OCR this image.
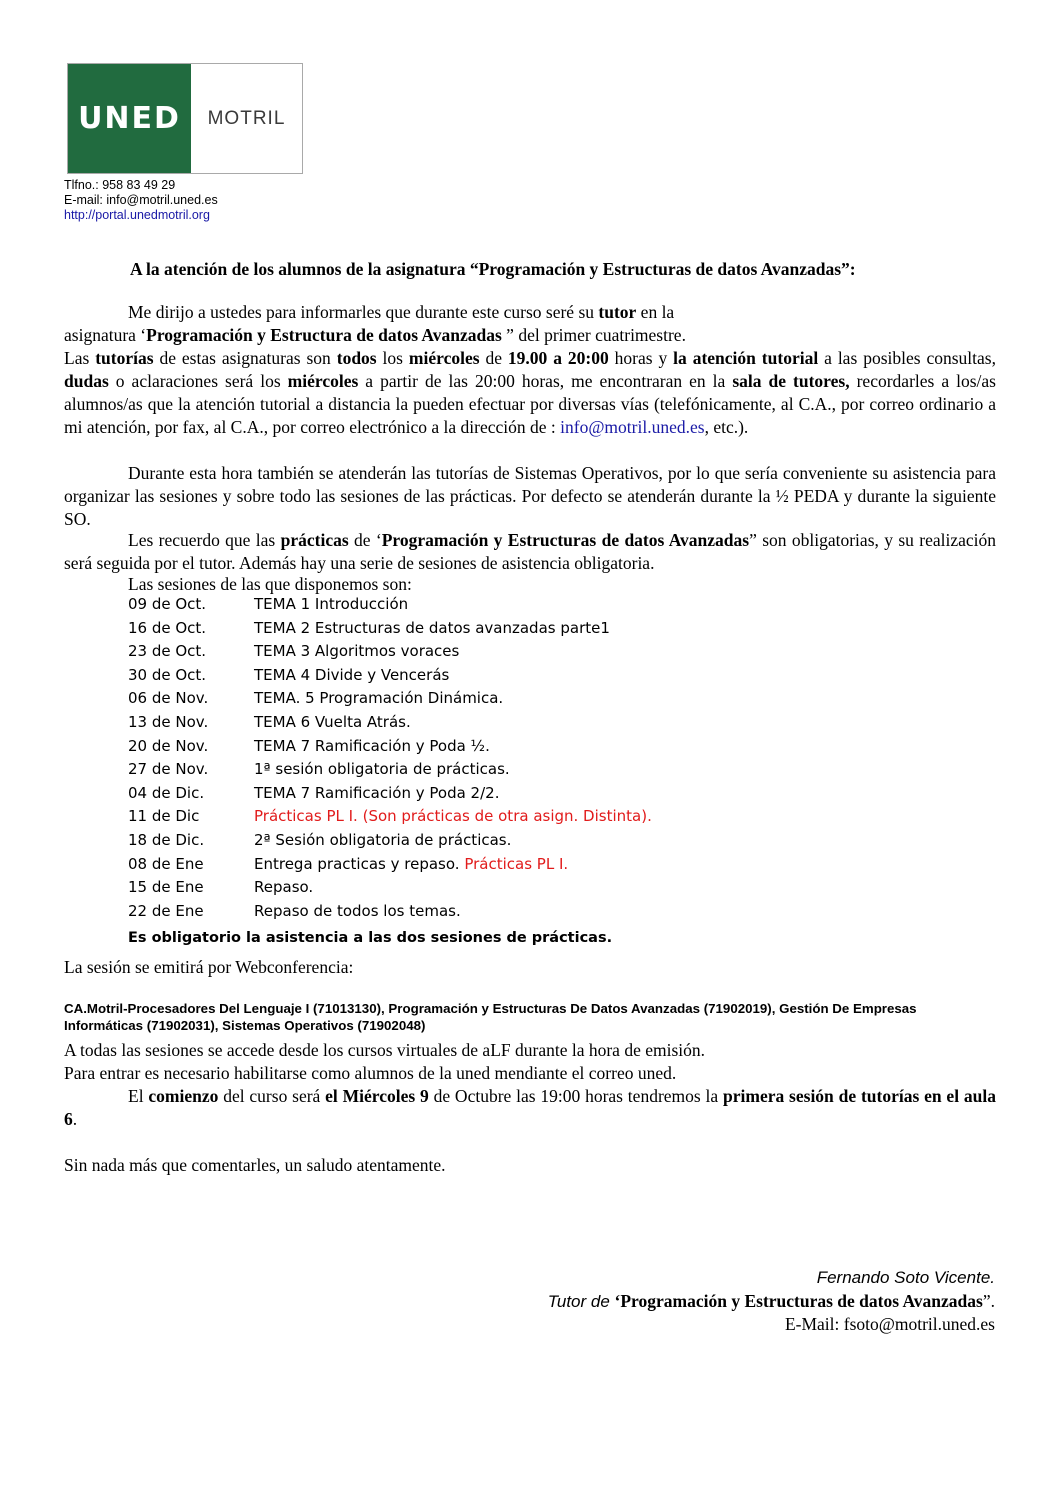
UNED MOTRIL
Tlfno.: 958 83 49 29
E-mail: info@motril.uned.es
http://portal.unedmotril.org
A la atención de los alumnos de la asignatura “Programación y Estructuras de datos Avanzadas”:
Me dirijo a ustedes para informarles que durante este curso seré su tutor en la
asignatura ‘Programación y Estructura de datos Avanzadas ” del primer cuatrimestre.
Las tutorías de estas asignaturas son todos los miércoles de 19.00 a 20:00 horas y la atención tutorial a las posibles consultas, dudas o aclaraciones será los miércoles a partir de las 20:00 horas, me encontraran en la sala de tutores, recordarles a los/as alumnos/as que la atención tutorial a distancia la pueden efectuar por diversas vías (telefónicamente, al C.A., por correo ordinario a mi atención, por fax, al C.A., por correo electrónico a la dirección de : info@motril.uned.es, etc.).
Durante esta hora también se atenderán las tutorías de Sistemas Operativos, por lo que sería conveniente su asistencia para organizar las sesiones y sobre todo las sesiones de las prácticas. Por defecto se atenderán durante la ½ PEDA y durante la siguiente SO.
Les recuerdo que las prácticas de ‘Programación y Estructuras de datos Avanzadas” son obligatorias, y su realización será seguida por el tutor. Además hay una serie de sesiones de asistencia obligatoria.
Las sesiones de las que disponemos son:
09 de Oct.	TEMA 1 Introducción
16 de Oct.	TEMA 2 Estructuras de datos avanzadas parte1
23 de Oct.	TEMA 3 Algoritmos voraces
30 de Oct.	TEMA 4 Divide y Vencerás
06 de Nov.	TEMA. 5 Programación Dinámica.
13 de Nov.	TEMA 6 Vuelta Atrás.
20 de Nov.	TEMA 7 Ramificación y Poda ½.
27 de Nov.	1ª sesión obligatoria de prácticas.
04 de Dic.	TEMA 7 Ramificación y Poda 2/2.
11 de Dic	Prácticas PL I. (Son prácticas de otra asign. Distinta).
18 de Dic.	2ª Sesión obligatoria de prácticas.
08 de Ene	Entrega practicas y repaso. Prácticas PL I.
15 de Ene	Repaso.
22 de Ene	Repaso de todos los temas.
Es obligatorio la asistencia a las dos sesiones de prácticas.
La sesión se emitirá por Webconferencia:
CA.Motril-Procesadores Del Lenguaje I (71013130), Programación y Estructuras De Datos Avanzadas (71902019), Gestión De Empresas Informáticas (71902031), Sistemas Operativos (71902048)
A todas las sesiones se accede desde los cursos virtuales de aLF durante la hora de emisión.
Para entrar es necesario habilitarse como alumnos de la uned mendiante el correo uned.
El comienzo del curso será el Miércoles 9 de Octubre las 19:00 horas tendremos la primera sesión de tutorías en el aula 6.
Sin nada más que comentarles, un saludo atentamente.
Fernando Soto Vicente.
Tutor de ‘Programación y Estructuras de datos Avanzadas”.
E-Mail: fsoto@motril.uned.es
